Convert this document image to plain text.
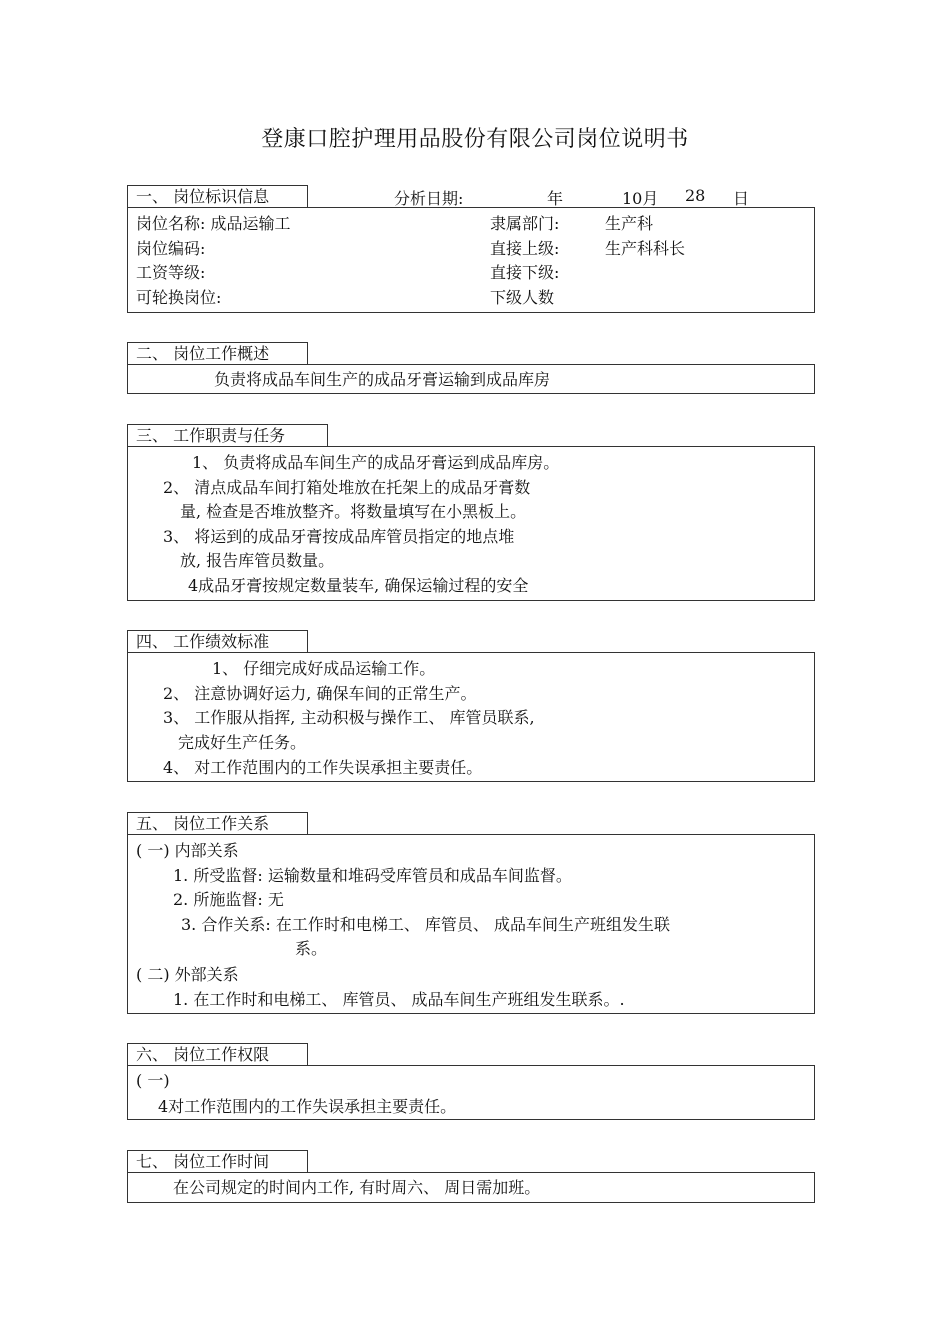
登康口腔护理用品股份有限公司岗位说明书
一、 岗位标识信息	分析日期:	年	10月 28 日
岗位名称: 成品运输工	隶属部门:	生产科
岗位编码:	直接上级:	生产科科长
工资等级:	直接下级:
可轮换岗位:	下级人数
二、 岗位工作概述
负责将成品车间生产的成品牙膏运输到成品库房
三、 工作职责与任务
1、 负责将成品车间生产的成品牙膏运到成品库房。
2、 清点成品车间打箱处堆放在托架上的成品牙膏数
量, 检查是否堆放整齐。将数量填写在小黑板上。
3、 将运到的成品牙膏按成品库管员指定的地点堆
放, 报告库管员数量。
4成品牙膏按规定数量装车, 确保运输过程的安全
四、 工作绩效标准
1、 仔细完成好成品运输工作。
2、 注意协调好运力, 确保车间的正常生产。
3、 工作服从指挥, 主动积极与操作工、 库管员联系,
完成好生产任务。
4、 对工作范围内的工作失误承担主要责任。
五、 岗位工作关系
( 一) 内部关系
1. 所受监督: 运输数量和堆码受库管员和成品车间监督。
2. 所施监督: 无
3. 合作关系: 在工作时和电梯工、 库管员、 成品车间生产班组发生联
系。
( 二) 外部关系
1. 在工作时和电梯工、 库管员、 成品车间生产班组发生联系。.
六、 岗位工作权限
( 一)
4对工作范围内的工作失误承担主要责任。
七、 岗位工作时间
在公司规定的时间内工作, 有时周六、 周日需加班。
